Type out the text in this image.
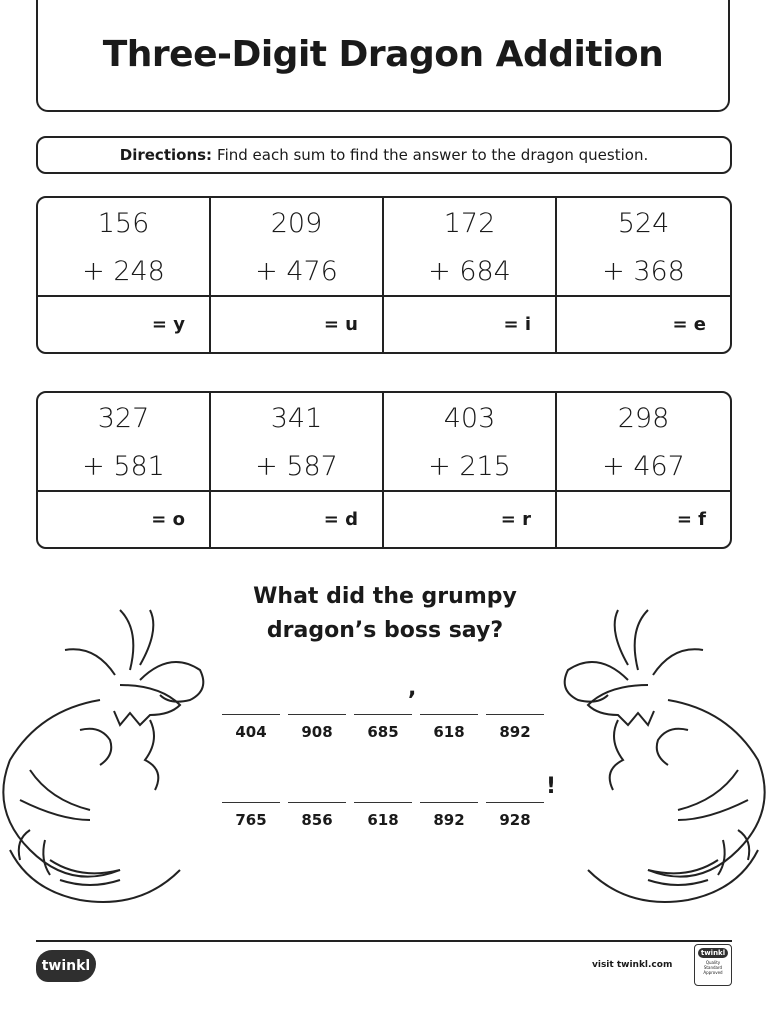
Three-Digit Dragon Addition
Directions: Find each sum to find the answer to the dragon question.
156
+ 248
= y
209
+ 476
= u
172
+ 684
= i
524
+ 368
= e
327
+ 581
= o
341
+ 587
= d
403
+ 215
= r
298
+ 467
= f
What did the grumpy
dragon’s boss say?
,
404	908	685	618	892
!
765	856	618	892	928
twinkl	visit twinkl.com
twinkl
Quality Standard Approved
